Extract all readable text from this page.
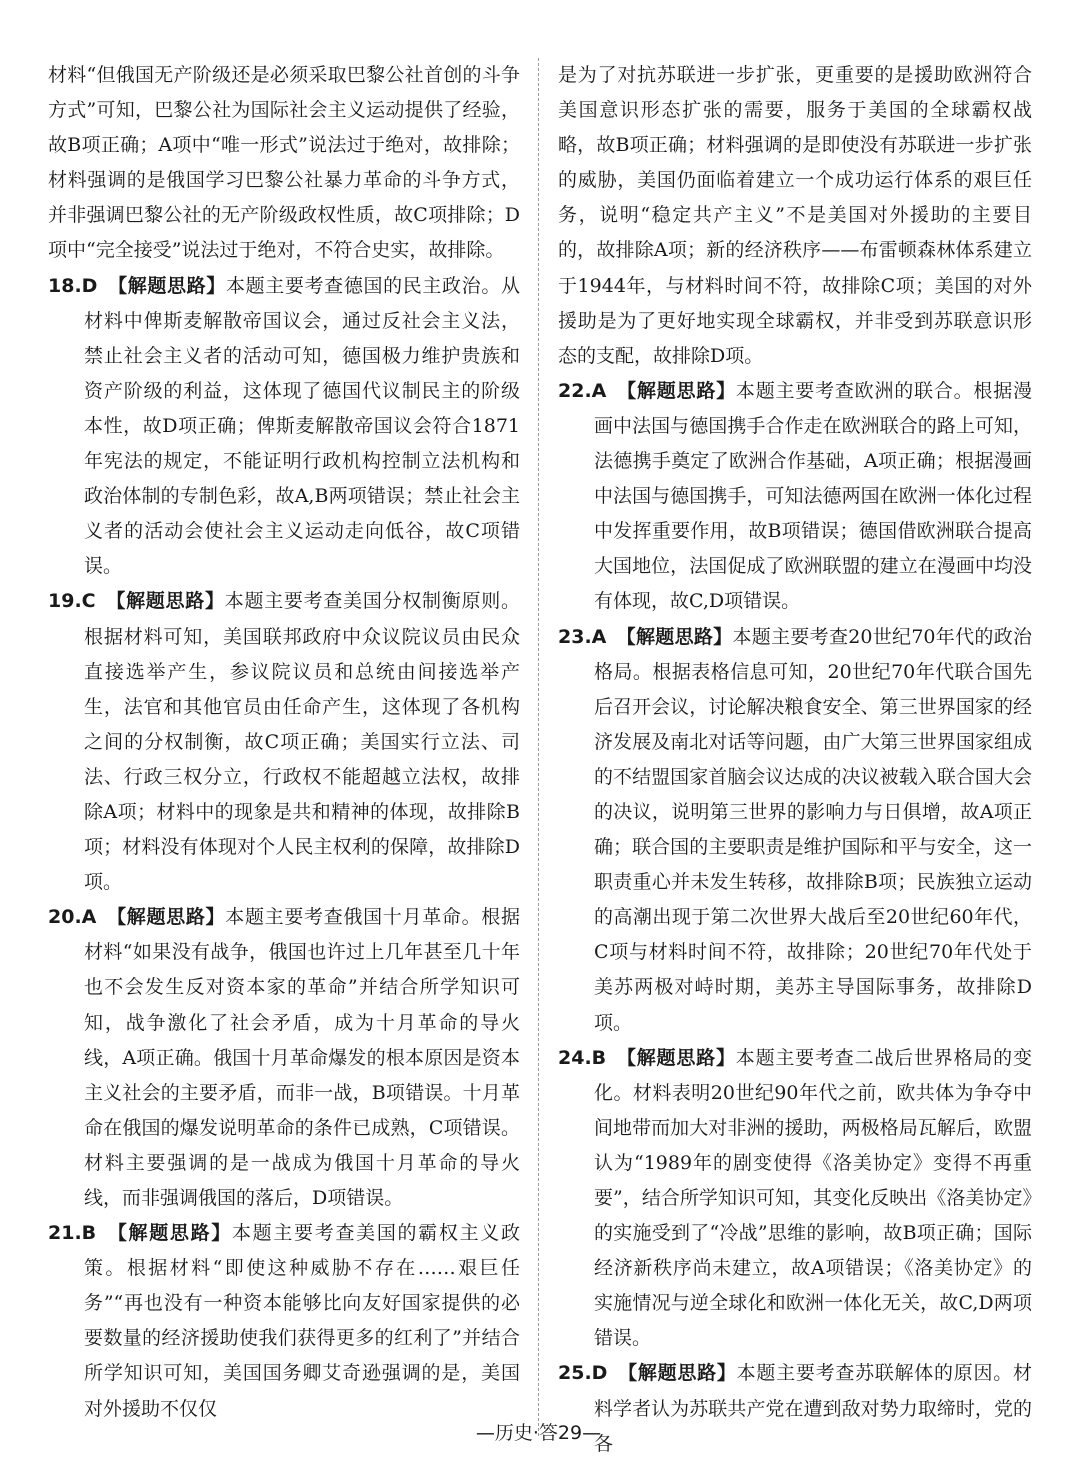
材料“但俄国无产阶级还是必须采取巴黎公社首创的斗争方式”可知，巴黎公社为国际社会主义运动提供了经验，故B项正确；A项中“唯一形式”说法过于绝对，故排除；材料强调的是俄国学习巴黎公社暴力革命的斗争方式，并非强调巴黎公社的无产阶级政权性质，故C项排除；D项中“完全接受”说法过于绝对，不符合史实，故排除。

18.D 【解题思路】本题主要考查德国的民主政治。从材料中俾斯麦解散帝国议会，通过反社会主义法，禁止社会主义者的活动可知，德国极力维护贵族和资产阶级的利益，这体现了德国代议制民主的阶级本性，故D项正确；俾斯麦解散帝国议会符合1871年宪法的规定，不能证明行政机构控制立法机构和政治体制的专制色彩，故A,B两项错误；禁止社会主义者的活动会使社会主义运动走向低谷，故C项错误。

19.C 【解题思路】本题主要考查美国分权制衡原则。根据材料可知，美国联邦政府中众议院议员由民众直接选举产生，参议院议员和总统由间接选举产生，法官和其他官员由任命产生，这体现了各机构之间的分权制衡，故C项正确；美国实行立法、司法、行政三权分立，行政权不能超越立法权，故排除A项；材料中的现象是共和精神的体现，故排除B项；材料没有体现对个人民主权利的保障，故排除D项。

20.A 【解题思路】本题主要考查俄国十月革命。根据材料“如果没有战争，俄国也许过上几年甚至几十年也不会发生反对资本家的革命”并结合所学知识可知，战争激化了社会矛盾，成为十月革命的导火线，A项正确。俄国十月革命爆发的根本原因是资本主义社会的主要矛盾，而非一战，B项错误。十月革命在俄国的爆发说明革命的条件已成熟，C项错误。材料主要强调的是一战成为俄国十月革命的导火线，而非强调俄国的落后，D项错误。

21.B 【解题思路】本题主要考查美国的霸权主义政策。根据材料“即使这种威胁不存在……艰巨任务”“再也没有一种资本能够比向友好国家提供的必要数量的经济援助使我们获得更多的红利了”并结合所学知识可知，美国国务卿艾奇逊强调的是，美国对外援助不仅仅

是为了对抗苏联进一步扩张，更重要的是援助欧洲符合美国意识形态扩张的需要，服务于美国的全球霸权战略，故B项正确；材料强调的是即使没有苏联进一步扩张的威胁，美国仍面临着建立一个成功运行体系的艰巨任务，说明“稳定共产主义”不是美国对外援助的主要目的，故排除A项；新的经济秩序——布雷顿森林体系建立于1944年，与材料时间不符，故排除C项；美国的对外援助是为了更好地实现全球霸权，并非受到苏联意识形态的支配，故排除D项。

22.A 【解题思路】本题主要考查欧洲的联合。根据漫画中法国与德国携手合作走在欧洲联合的路上可知，法德携手奠定了欧洲合作基础，A项正确；根据漫画中法国与德国携手，可知法德两国在欧洲一体化过程中发挥重要作用，故B项错误；德国借欧洲联合提高大国地位，法国促成了欧洲联盟的建立在漫画中均没有体现，故C,D项错误。

23.A 【解题思路】本题主要考查20世纪70年代的政治格局。根据表格信息可知，20世纪70年代联合国先后召开会议，讨论解决粮食安全、第三世界国家的经济发展及南北对话等问题，由广大第三世界国家组成的不结盟国家首脑会议达成的决议被载入联合国大会的决议，说明第三世界的影响力与日俱增，故A项正确；联合国的主要职责是维护国际和平与安全，这一职责重心并未发生转移，故排除B项；民族独立运动的高潮出现于第二次世界大战后至20世纪60年代，C项与材料时间不符，故排除；20世纪70年代处于美苏两极对峙时期，美苏主导国际事务，故排除D项。

24.B 【解题思路】本题主要考查二战后世界格局的变化。材料表明20世纪90年代之前，欧共体为争夺中间地带而加大对非洲的援助，两极格局瓦解后，欧盟认为“1989年的剧变使得《洛美协定》变得不再重要”，结合所学知识可知，其变化反映出《洛美协定》的实施受到了“冷战”思维的影响，故B项正确；国际经济新秩序尚未建立，故A项错误；《洛美协定》的实施情况与逆全球化和欧洲一体化无关，故C,D两项错误。

25.D 【解题思路】本题主要考查苏联解体的原因。材料学者认为苏联共产党在遭到敌对势力取缔时，党的各

—历史·答29—
